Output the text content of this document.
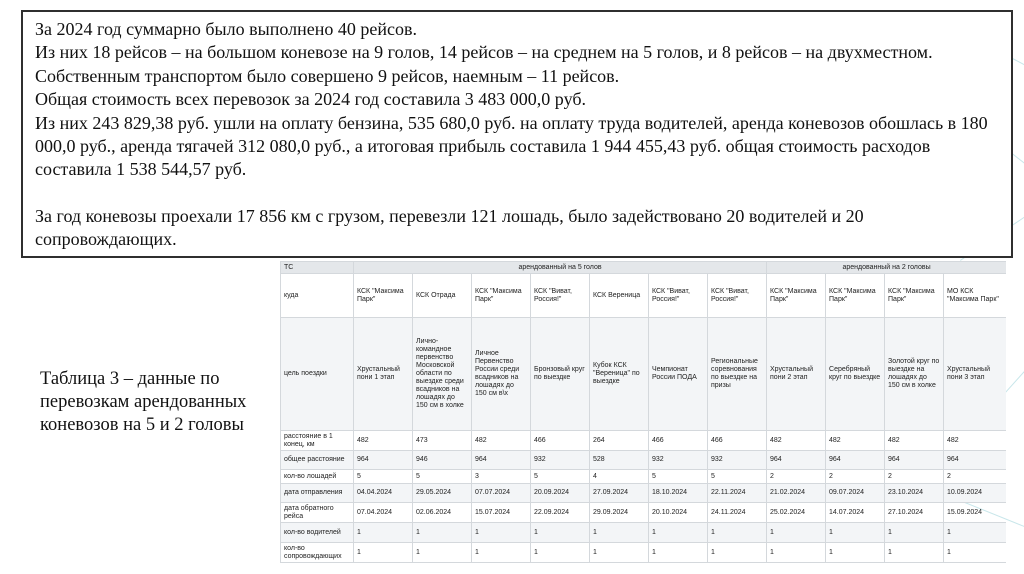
За 2024 год суммарно было выполнено 40 рейсов.

Из них 18 рейсов – на большом коневозе на 9 голов, 14 рейсов – на среднем на 5 голов, и 8 рейсов – на двухместном.

Собственным транспортом было совершено 9 рейсов, наемным – 11 рейсов.

Общая стоимость всех перевозок за 2024 год составила 3 483 000,0 руб.

Из них 243 829,38 руб. ушли на оплату бензина, 535 680,0 руб. на оплату труда водителей, аренда коневозов обошлась в 180 000,0 руб., аренда тягачей 312 080,0 руб., а итоговая прибыль составила 1 944 455,43 руб. общая стоимость расходов составила 1 538 544,57 руб.

За год коневозы проехали 17 856 км с грузом, перевезли 121 лошадь, было задействовано 20 водителей и 20 сопровождающих.

Таблица 3 – данные по перевозкам арендованных коневозов на 5 и 2 головы
ТС	арендованный на 5 голов							арендованный на 2 головы			
куда	КСК "Максима Парк"	КСК Отрада	КСК "Максима Парк"	КСК "Виват, Россия!"	КСК Вереница	КСК "Виват, Россия!"	КСК "Виват, Россия!"	КСК "Максима Парк"	КСК "Максима Парк"	КСК "Максима Парк"	МО КСК "Максима Парк"
цель поездки	Хрустальный пони 1 этап	Лично-командное первенство Московской области по выездке среди всадников на лошадях до 150 см в холке	Личное Первенство России среди всадников на лошадях до 150 см в\х	Бронзовый круг по выездке	Кубок КСК "Вереница" по выездке	Чемпионат России ПОДА	Региональные соревнования по выездке на призы	Хрустальный пони 2 этап	Серебряный круг по выездке	Золотой круг по выездке на лошадях до 150 см в холке	Хрустальный пони 3 этап
расстояние в 1 конец, км	482	473	482	466	264	466	466	482	482	482	482
общее расстояние	964	946	964	932	528	932	932	964	964	964	964
кол-во лошадей	5	5	3	5	4	5	5	2	2	2	2
дата отправления	04.04.2024	29.05.2024	07.07.2024	20.09.2024	27.09.2024	18.10.2024	22.11.2024	21.02.2024	09.07.2024	23.10.2024	10.09.2024
дата обратного рейса	07.04.2024	02.06.2024	15.07.2024	22.09.2024	29.09.2024	20.10.2024	24.11.2024	25.02.2024	14.07.2024	27.10.2024	15.09.2024
кол-во водителей	1	1	1	1	1	1	1	1	1	1	1
кол-во сопровождающих	1	1	1	1	1	1	1	1	1	1	1
